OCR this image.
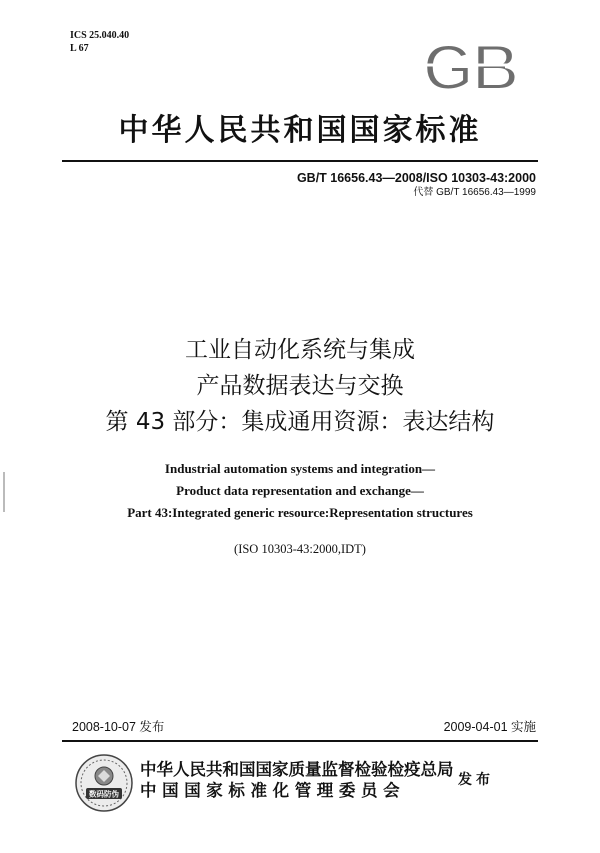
ICS 25.040.40
L 67	GB
中华人民共和国国家标准
GB/T 16656.43—2008/ISO 10303-43:2000
代替 GB/T 16656.43—1999
工业自动化系统与集成
产品数据表达与交换
第 43 部分：集成通用资源：表达结构
Industrial automation systems and integration—
Product data representation and exchange—
Part 43:Integrated generic resource:Representation structures
(ISO 10303-43:2000,IDT)
2008-10-07 发布	2009-04-01 实施
数码防伪
中华人民共和国国家质量监督检验检疫总局
中国国家标准化管理委员会
发布
